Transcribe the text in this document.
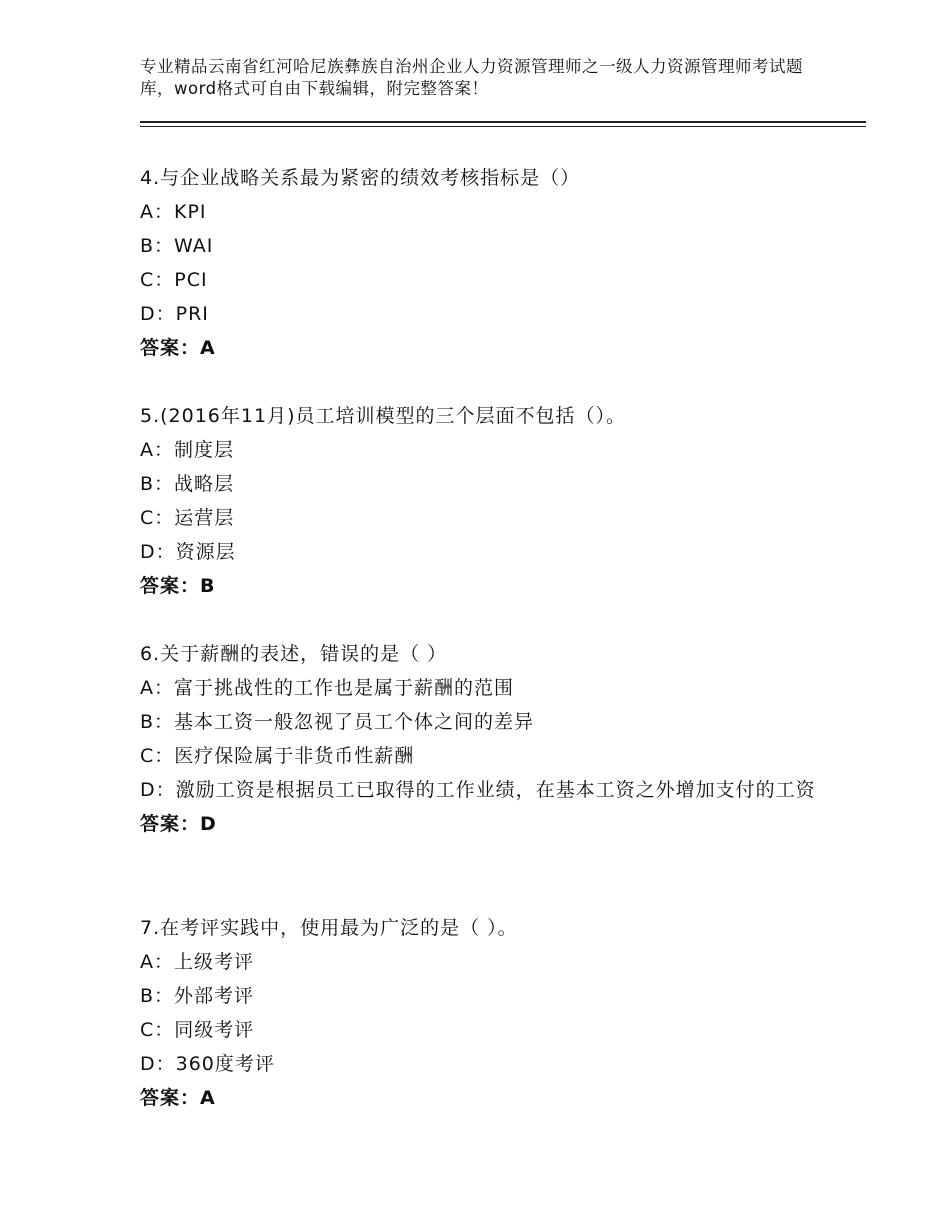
专业精品云南省红河哈尼族彝族自治州企业人力资源管理师之一级人力资源管理师考试题库，word格式可自由下载编辑，附完整答案！
4.与企业战略关系最为紧密的绩效考核指标是（）
A：KPI
B：WAI
C：PCI
D：PRI
答案：A
5.(2016年11月)员工培训模型的三个层面不包括（）。
A：制度层
B：战略层
C：运营层
D：资源层
答案：B
6.关于薪酬的表述，错误的是（ ）
A：富于挑战性的工作也是属于薪酬的范围
B：基本工资一般忽视了员工个体之间的差异
C：医疗保险属于非货币性薪酬
D：激励工资是根据员工已取得的工作业绩，在基本工资之外增加支付的工资
答案：D
7.在考评实践中，使用最为广泛的是（ ）。
A：上级考评
B：外部考评
C：同级考评
D：360度考评
答案：A
